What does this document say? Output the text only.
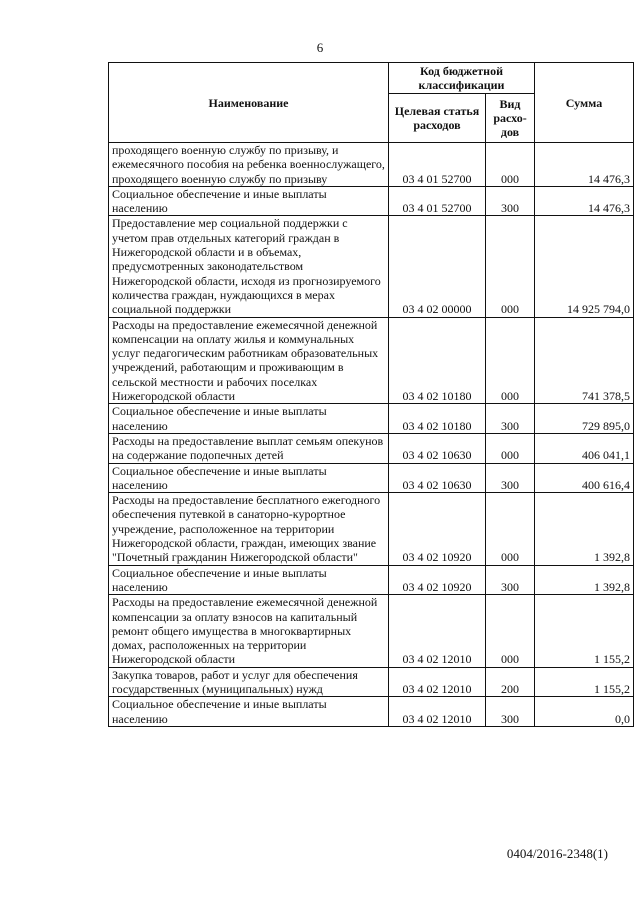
6
Наименование	Код бюджетной классификации		Сумма
	Целевая статья расходов	Вид расхо-дов	
проходящего военную службу по призыву, и ежемесячного пособия на ребенка военнослужащего, проходящего военную службу по призыву	03 4 01 52700	000	14 476,3
Социальное обеспечение и иные выплаты населению	03 4 01 52700	300	14 476,3
Предоставление мер социальной поддержки с учетом прав отдельных категорий граждан в Нижегородской области и в объемах, предусмотренных законодательством Нижегородской области, исходя из прогнозируемого количества граждан, нуждающихся в мерах социальной поддержки	03 4 02 00000	000	14 925 794,0
Расходы на предоставление ежемесячной денежной компенсации на оплату жилья и коммунальных услуг педагогическим работникам образовательных учреждений, работающим и проживающим в сельской местности и рабочих поселках Нижегородской области	03 4 02 10180	000	741 378,5
Социальное обеспечение и иные выплаты населению	03 4 02 10180	300	729 895,0
Расходы на предоставление выплат семьям опекунов на содержание подопечных детей	03 4 02 10630	000	406 041,1
Социальное обеспечение и иные выплаты населению	03 4 02 10630	300	400 616,4
Расходы на предоставление бесплатного ежегодного обеспечения путевкой в санаторно-курортное учреждение, расположенное на территории Нижегородской области, граждан, имеющих звание "Почетный гражданин Нижегородской области"	03 4 02 10920	000	1 392,8
Социальное обеспечение и иные выплаты населению	03 4 02 10920	300	1 392,8
Расходы на предоставление ежемесячной денежной компенсации за оплату взносов на капитальный ремонт общего имущества в многоквартирных домах, расположенных на территории Нижегородской области	03 4 02 12010	000	1 155,2
Закупка товаров, работ и услуг для обеспечения государственных (муниципальных) нужд	03 4 02 12010	200	1 155,2
Социальное обеспечение и иные выплаты населению	03 4 02 12010	300	0,0
0404/2016-2348(1)
